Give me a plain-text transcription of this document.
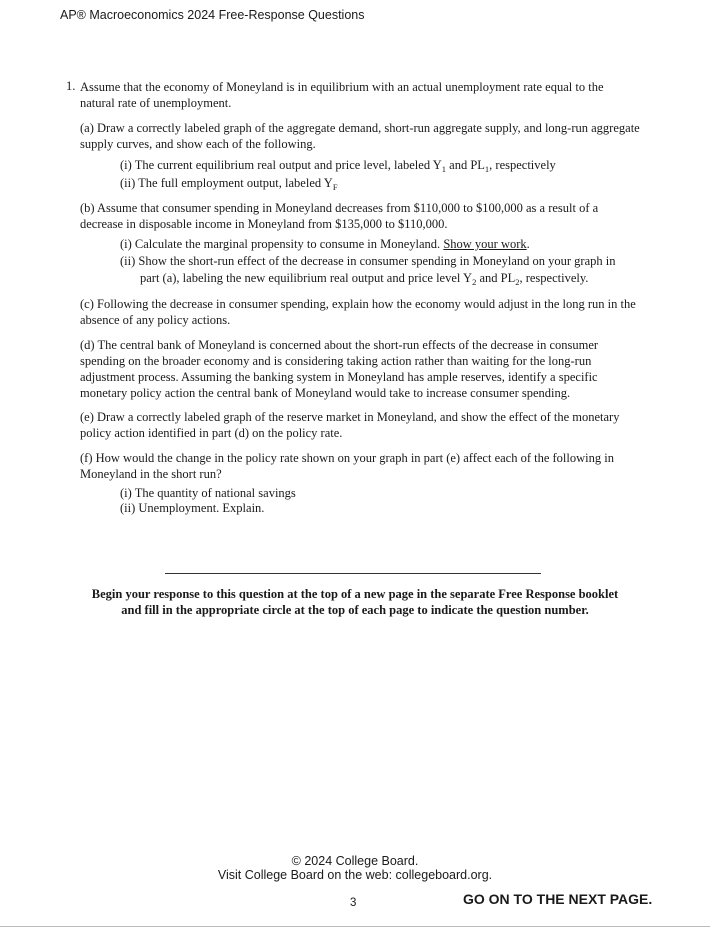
AP® Macroeconomics 2024 Free-Response Questions
1. Assume that the economy of Moneyland is in equilibrium with an actual unemployment rate equal to the

natural rate of unemployment.

(a) Draw a correctly labeled graph of the aggregate demand, short-run aggregate supply, and long-run aggregate

supply curves, and show each of the following.

(i) The current equilibrium real output and price level, labeled $Y_1$ and $PL_1$, respectively
(ii) The full employment output, labeled $Y_F$

(b) Assume that consumer spending in Moneyland decreases from $110,000 to $100,000 as a result of a

decrease in disposable income in Moneyland from $135,000 to $110,000.

(i) Calculate the marginal propensity to consume in Moneyland. Show your work.

(ii) Show the short-run effect of the decrease in consumer spending in Moneyland on your graph in

part (a), labeling the new equilibrium real output and price level $Y_2$ and $PL_2$, respectively.

(c) Following the decrease in consumer spending, explain how the economy would adjust in the long run in the

absence of any policy actions.

(d) The central bank of Moneyland is concerned about the short-run effects of the decrease in consumer

spending on the broader economy and is considering taking action rather than waiting for the long-run

adjustment process. Assuming the banking system in Moneyland has ample reserves, identify a specific

monetary policy action the central bank of Moneyland would take to increase consumer spending.

(e) Draw a correctly labeled graph of the reserve market in Moneyland, and show the effect of the monetary

policy action identified in part (d) on the policy rate.

(f) How would the change in the policy rate shown on your graph in part (e) affect each of the following in

Moneyland in the short run?

(i) The quantity of national savings
(ii) Unemployment. Explain.
Begin your response to this question at the top of a new page in the separate Free Response booklet
and fill in the appropriate circle at the top of each page to indicate the question number.
© 2024 College Board.
Visit College Board on the web: collegeboard.org.
3	GO ON TO THE NEXT PAGE.
